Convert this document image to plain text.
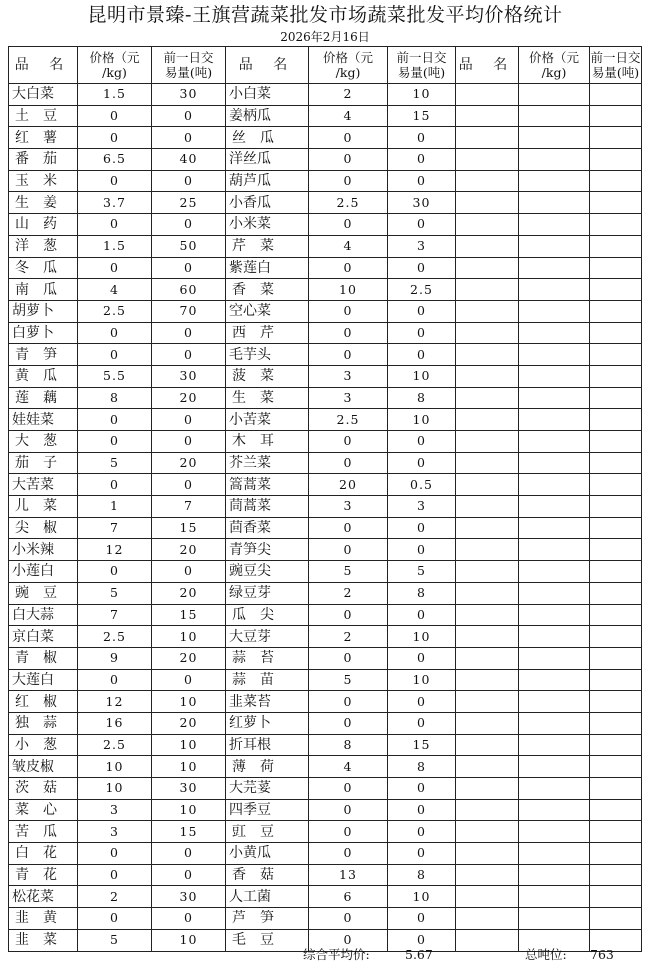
昆明市景臻-王旗营蔬菜批发市场蔬菜批发平均价格统计
2026年2月16日
品 名	价格（元
/kg)	前一日交
易量(吨)	品 名	价格（元
/kg)	前一日交
易量(吨)	品 名	价格（元
/kg)	前一日交
易量(吨)
大白菜	1.5	30	小白菜	2	10			
土豆	0	0	姜柄瓜	4	15			
红薯	0	0	丝瓜	0	0			
番茄	6.5	40	洋丝瓜	0	0			
玉米	0	0	葫芦瓜	0	0			
生姜	3.7	25	小香瓜	2.5	30			
山药	0	0	小米菜	0	0			
洋葱	1.5	50	芹菜	4	3			
冬瓜	0	0	紫莲白	0	0			
南瓜	4	60	香菜	10	2.5			
胡萝卜	2.5	70	空心菜	0	0			
白萝卜	0	0	西芹	0	0			
青笋	0	0	毛芋头	0	0			
黄瓜	5.5	30	菠菜	3	10			
莲藕	8	20	生菜	3	8			
娃娃菜	0	0	小苦菜	2.5	10			
大葱	0	0	木耳	0	0			
茄子	5	20	芥兰菜	0	0			
大苦菜	0	0	篙蒿菜	20	0.5			
儿菜	1	7	茼蒿菜	3	3			
尖椒	7	15	茴香菜	0	0			
小米辣	12	20	青笋尖	0	0			
小莲白	0	0	豌豆尖	5	5			
豌豆	5	20	绿豆芽	2	8			
白大蒜	7	15	瓜尖	0	0			
京白菜	2.5	10	大豆芽	2	10			
青椒	9	20	蒜苔	0	0			
大莲白	0	0	蒜苗	5	10			
红椒	12	10	韭菜苔	0	0			
独蒜	16	20	红萝卜	0	0			
小葱	2.5	10	折耳根	8	15			
皱皮椒	10	10	薄荷	4	8			
茨菇	10	30	大芫荽	0	0			
菜心	3	10	四季豆	0	0			
苦瓜	3	15	豇豆	0	0			
白花	0	0	小黄瓜	0	0			
青花	0	0	香菇	13	8			
松花菜	2	30	人工菌	6	10			
韭黄	0	0	芦笋	0	0			
韭菜	5	10	毛豆	0	0			
综合平均价:	5.67	总吨位: 763
